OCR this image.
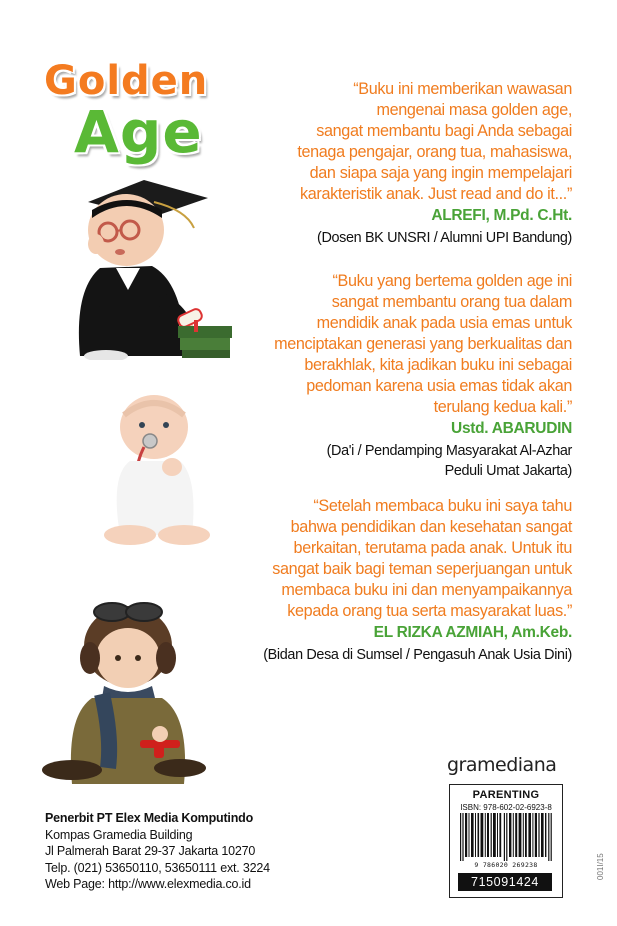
Golden
Age

“Buku ini memberikan wawasan
mengenai masa golden age,
sangat membantu bagi Anda sebagai
tenaga pengajar, orang tua, mahasiswa,
dan siapa saja yang ingin mempelajari
karakteristik anak. Just read and do it...”

ALREFI, M.Pd. C.Ht.

(Dosen BK UNSRI / Alumni UPI Bandung)

“Buku yang bertema golden age ini
sangat membantu orang tua dalam
mendidik anak pada usia emas untuk
menciptakan generasi yang berkualitas dan
berakhlak, kita jadikan buku ini sebagai
pedoman karena usia emas tidak akan
terulang kedua kali.”

Ustd. ABARUDIN

(Da'i / Pendamping Masyarakat Al-Azhar
Peduli Umat Jakarta)

“Setelah membaca buku ini saya tahu
bahwa pendidikan dan kesehatan sangat
berkaitan, terutama pada anak. Untuk itu
sangat baik bagi teman seperjuangan untuk
membaca buku ini dan menyampaikannya
kepada orang tua serta masyarakat luas.”

EL RIZKA AZMIAH, Am.Keb.

(Bidan Desa di Sumsel / Pengasuh Anak Usia Dini)

Penerbit PT Elex Media Komputindo
Kompas Gramedia Building
Jl Palmerah Barat 29-37 Jakarta 10270
Telp. (021) 53650110, 53650111 ext. 3224
Web Page: http://www.elexmedia.co.id
gramediana
PARENTING
ISBN: 978-602-02-6923-8
9 786020 269238
715091424
001I/15
